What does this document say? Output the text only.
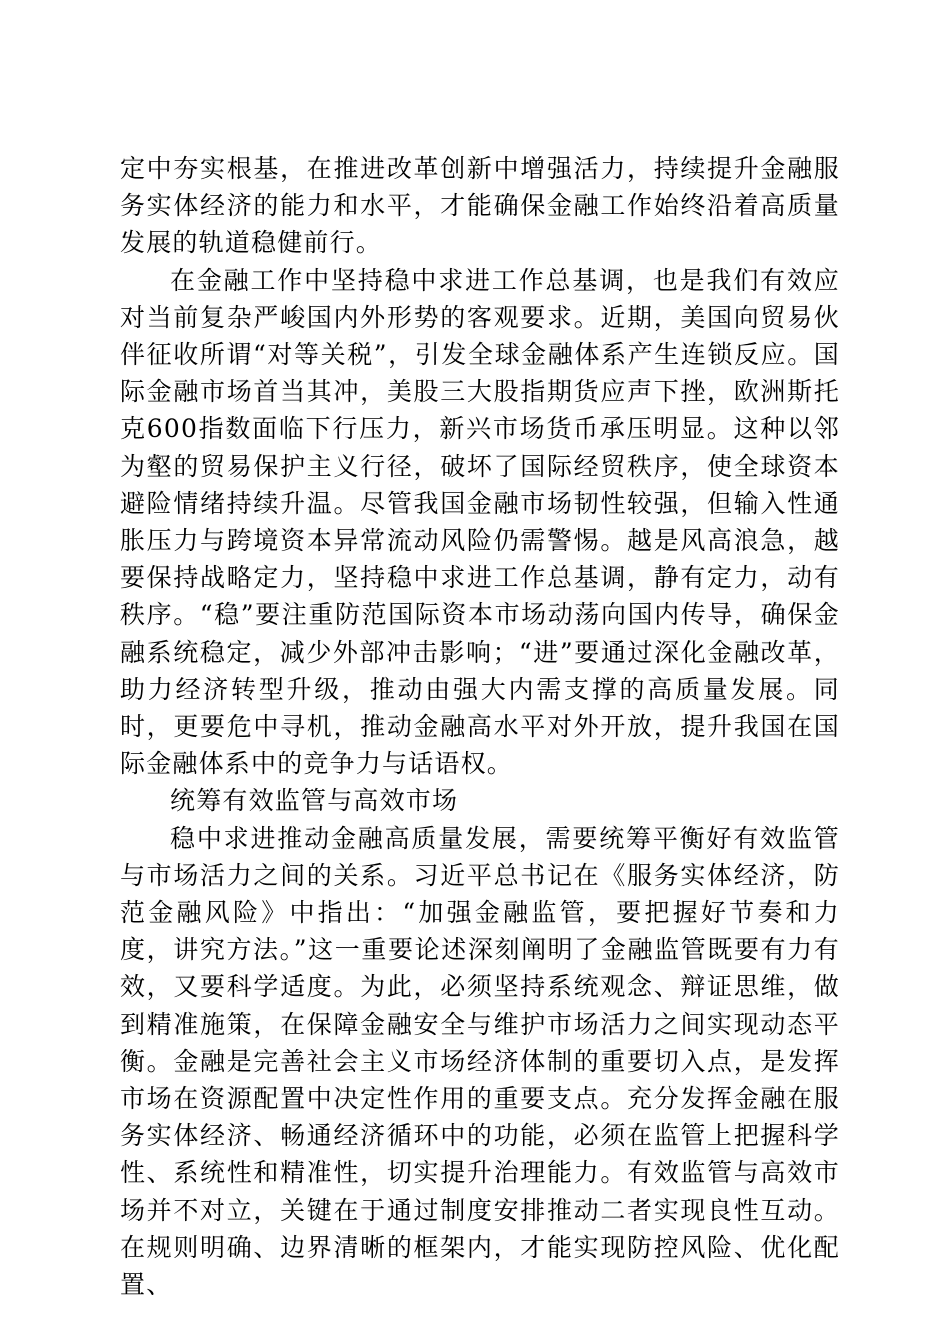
定中夯实根基，在推进改革创新中增强活力，持续提升金融服务实体经济的能力和水平，才能确保金融工作始终沿着高质量发展的轨道稳健前行。

在金融工作中坚持稳中求进工作总基调，也是我们有效应对当前复杂严峻国内外形势的客观要求。近期，美国向贸易伙伴征收所谓“对等关税”，引发全球金融体系产生连锁反应。国际金融市场首当其冲，美股三大股指期货应声下挫，欧洲斯托克600指数面临下行压力，新兴市场货币承压明显。这种以邻为壑的贸易保护主义行径，破坏了国际经贸秩序，使全球资本避险情绪持续升温。尽管我国金融市场韧性较强，但输入性通胀压力与跨境资本异常流动风险仍需警惕。越是风高浪急，越要保持战略定力，坚持稳中求进工作总基调，静有定力，动有秩序。“稳”要注重防范国际资本市场动荡向国内传导，确保金融系统稳定，减少外部冲击影响；“进”要通过深化金融改革，助力经济转型升级，推动由强大内需支撑的高质量发展。同时，更要危中寻机，推动金融高水平对外开放，提升我国在国际金融体系中的竞争力与话语权。

统筹有效监管与高效市场

稳中求进推动金融高质量发展，需要统筹平衡好有效监管与市场活力之间的关系。习近平总书记在《服务实体经济，防范金融风险》中指出：“加强金融监管，要把握好节奏和力度，讲究方法。”这一重要论述深刻阐明了金融监管既要有力有效，又要科学适度。为此，必须坚持系统观念、辩证思维，做到精准施策，在保障金融安全与维护市场活力之间实现动态平衡。金融是完善社会主义市场经济体制的重要切入点，是发挥市场在资源配置中决定性作用的重要支点。充分发挥金融在服务实体经济、畅通经济循环中的功能，必须在监管上把握科学性、系统性和精准性，切实提升治理能力。有效监管与高效市场并不对立，关键在于通过制度安排推动二者实现良性互动。在规则明确、边界清晰的框架内，才能实现防控风险、优化配置、
